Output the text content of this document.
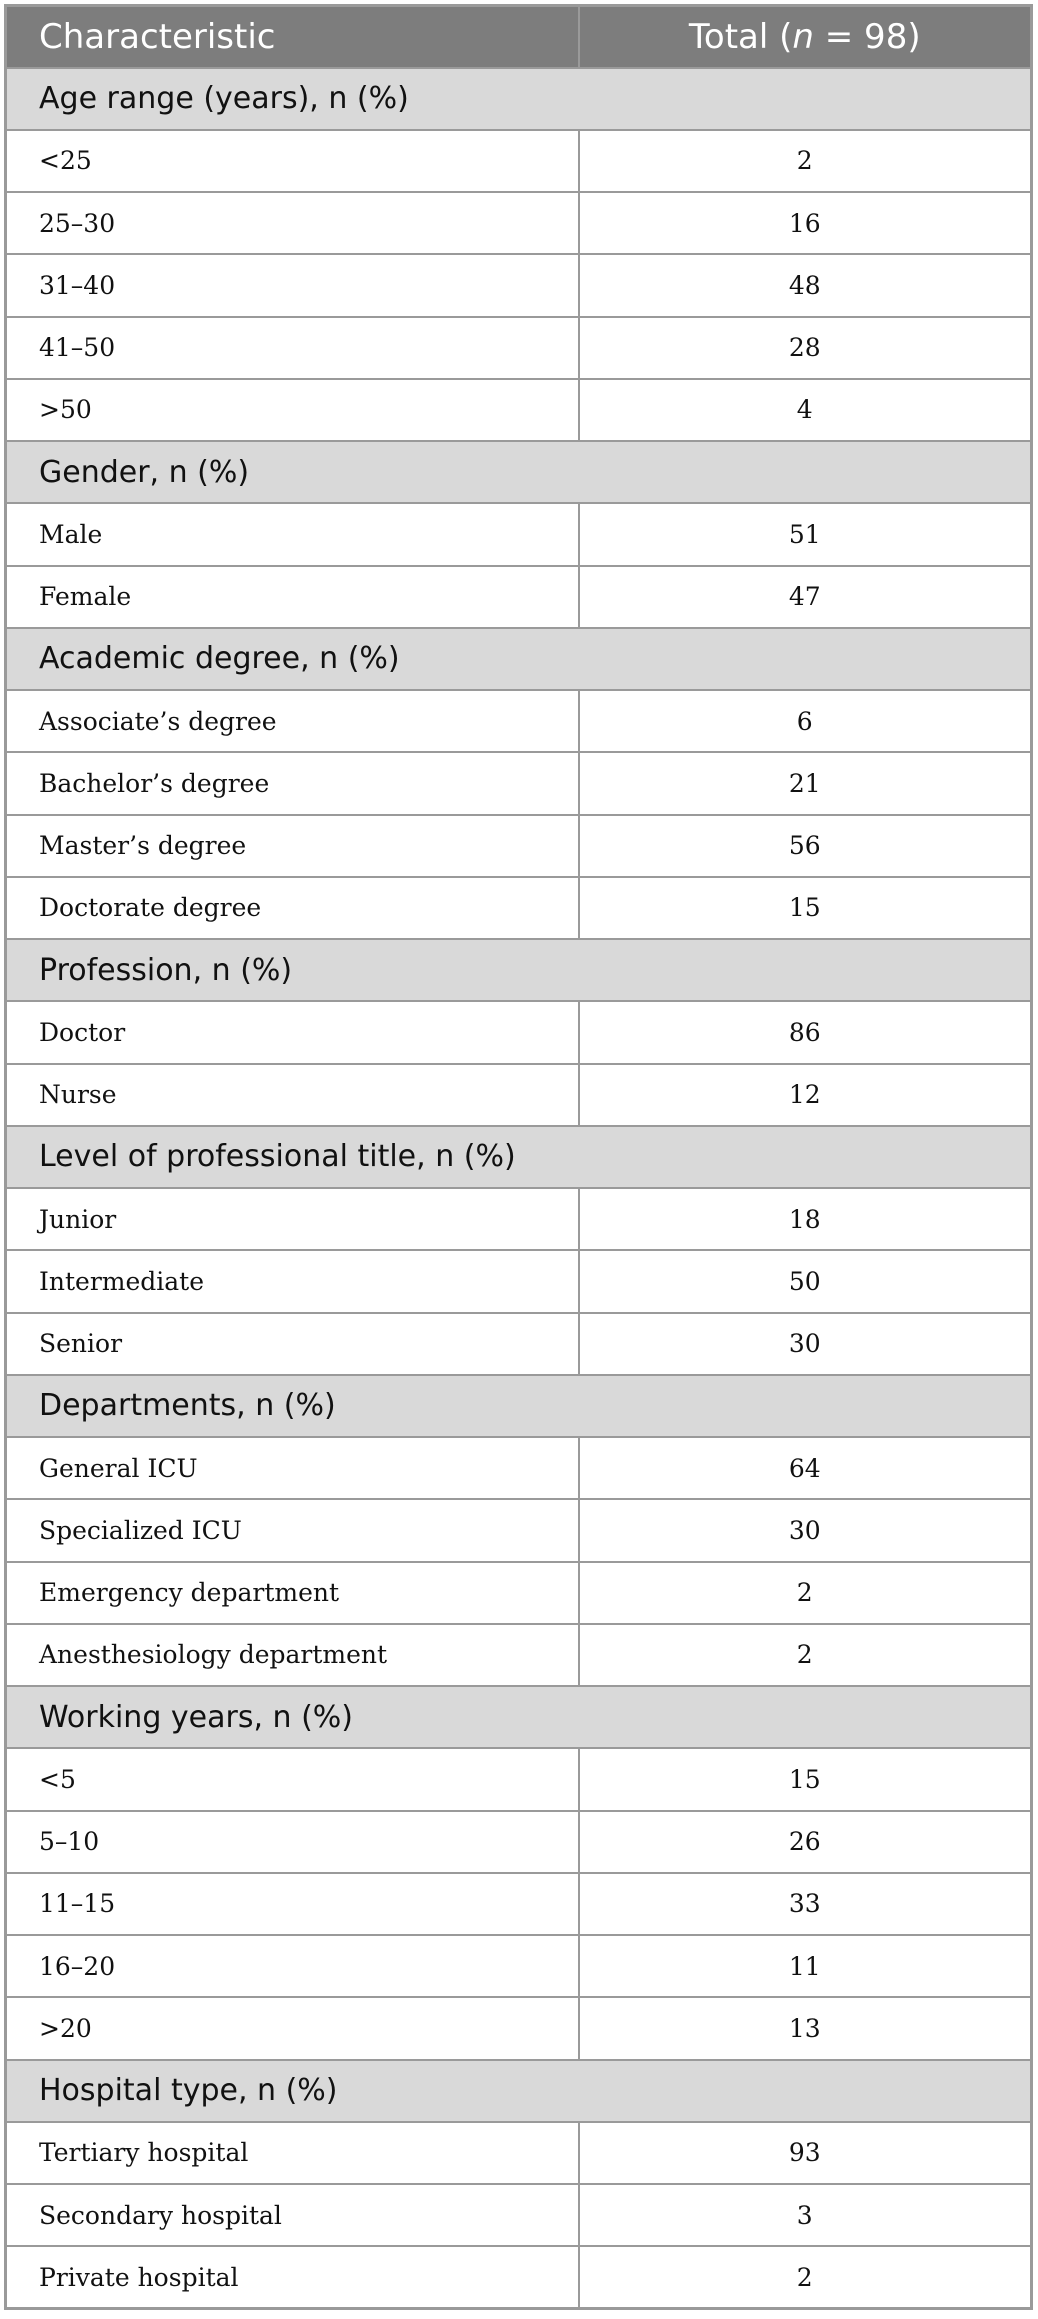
Characteristic	Total (n = 98)
Age range (years), n (%)	
<25	2
25–30	16
31–40	48
41–50	28
>50	4
Gender, n (%)	
Male	51
Female	47
Academic degree, n (%)	
Associate’s degree	6
Bachelor’s degree	21
Master’s degree	56
Doctorate degree	15
Profession, n (%)	
Doctor	86
Nurse	12
Level of professional title, n (%)	
Junior	18
Intermediate	50
Senior	30
Departments, n (%)	
General ICU	64
Specialized ICU	30
Emergency department	2
Anesthesiology department	2
Working years, n (%)	
<5	15
5–10	26
11–15	33
16–20	11
>20	13
Hospital type, n (%)	
Tertiary hospital	93
Secondary hospital	3
Private hospital	2
